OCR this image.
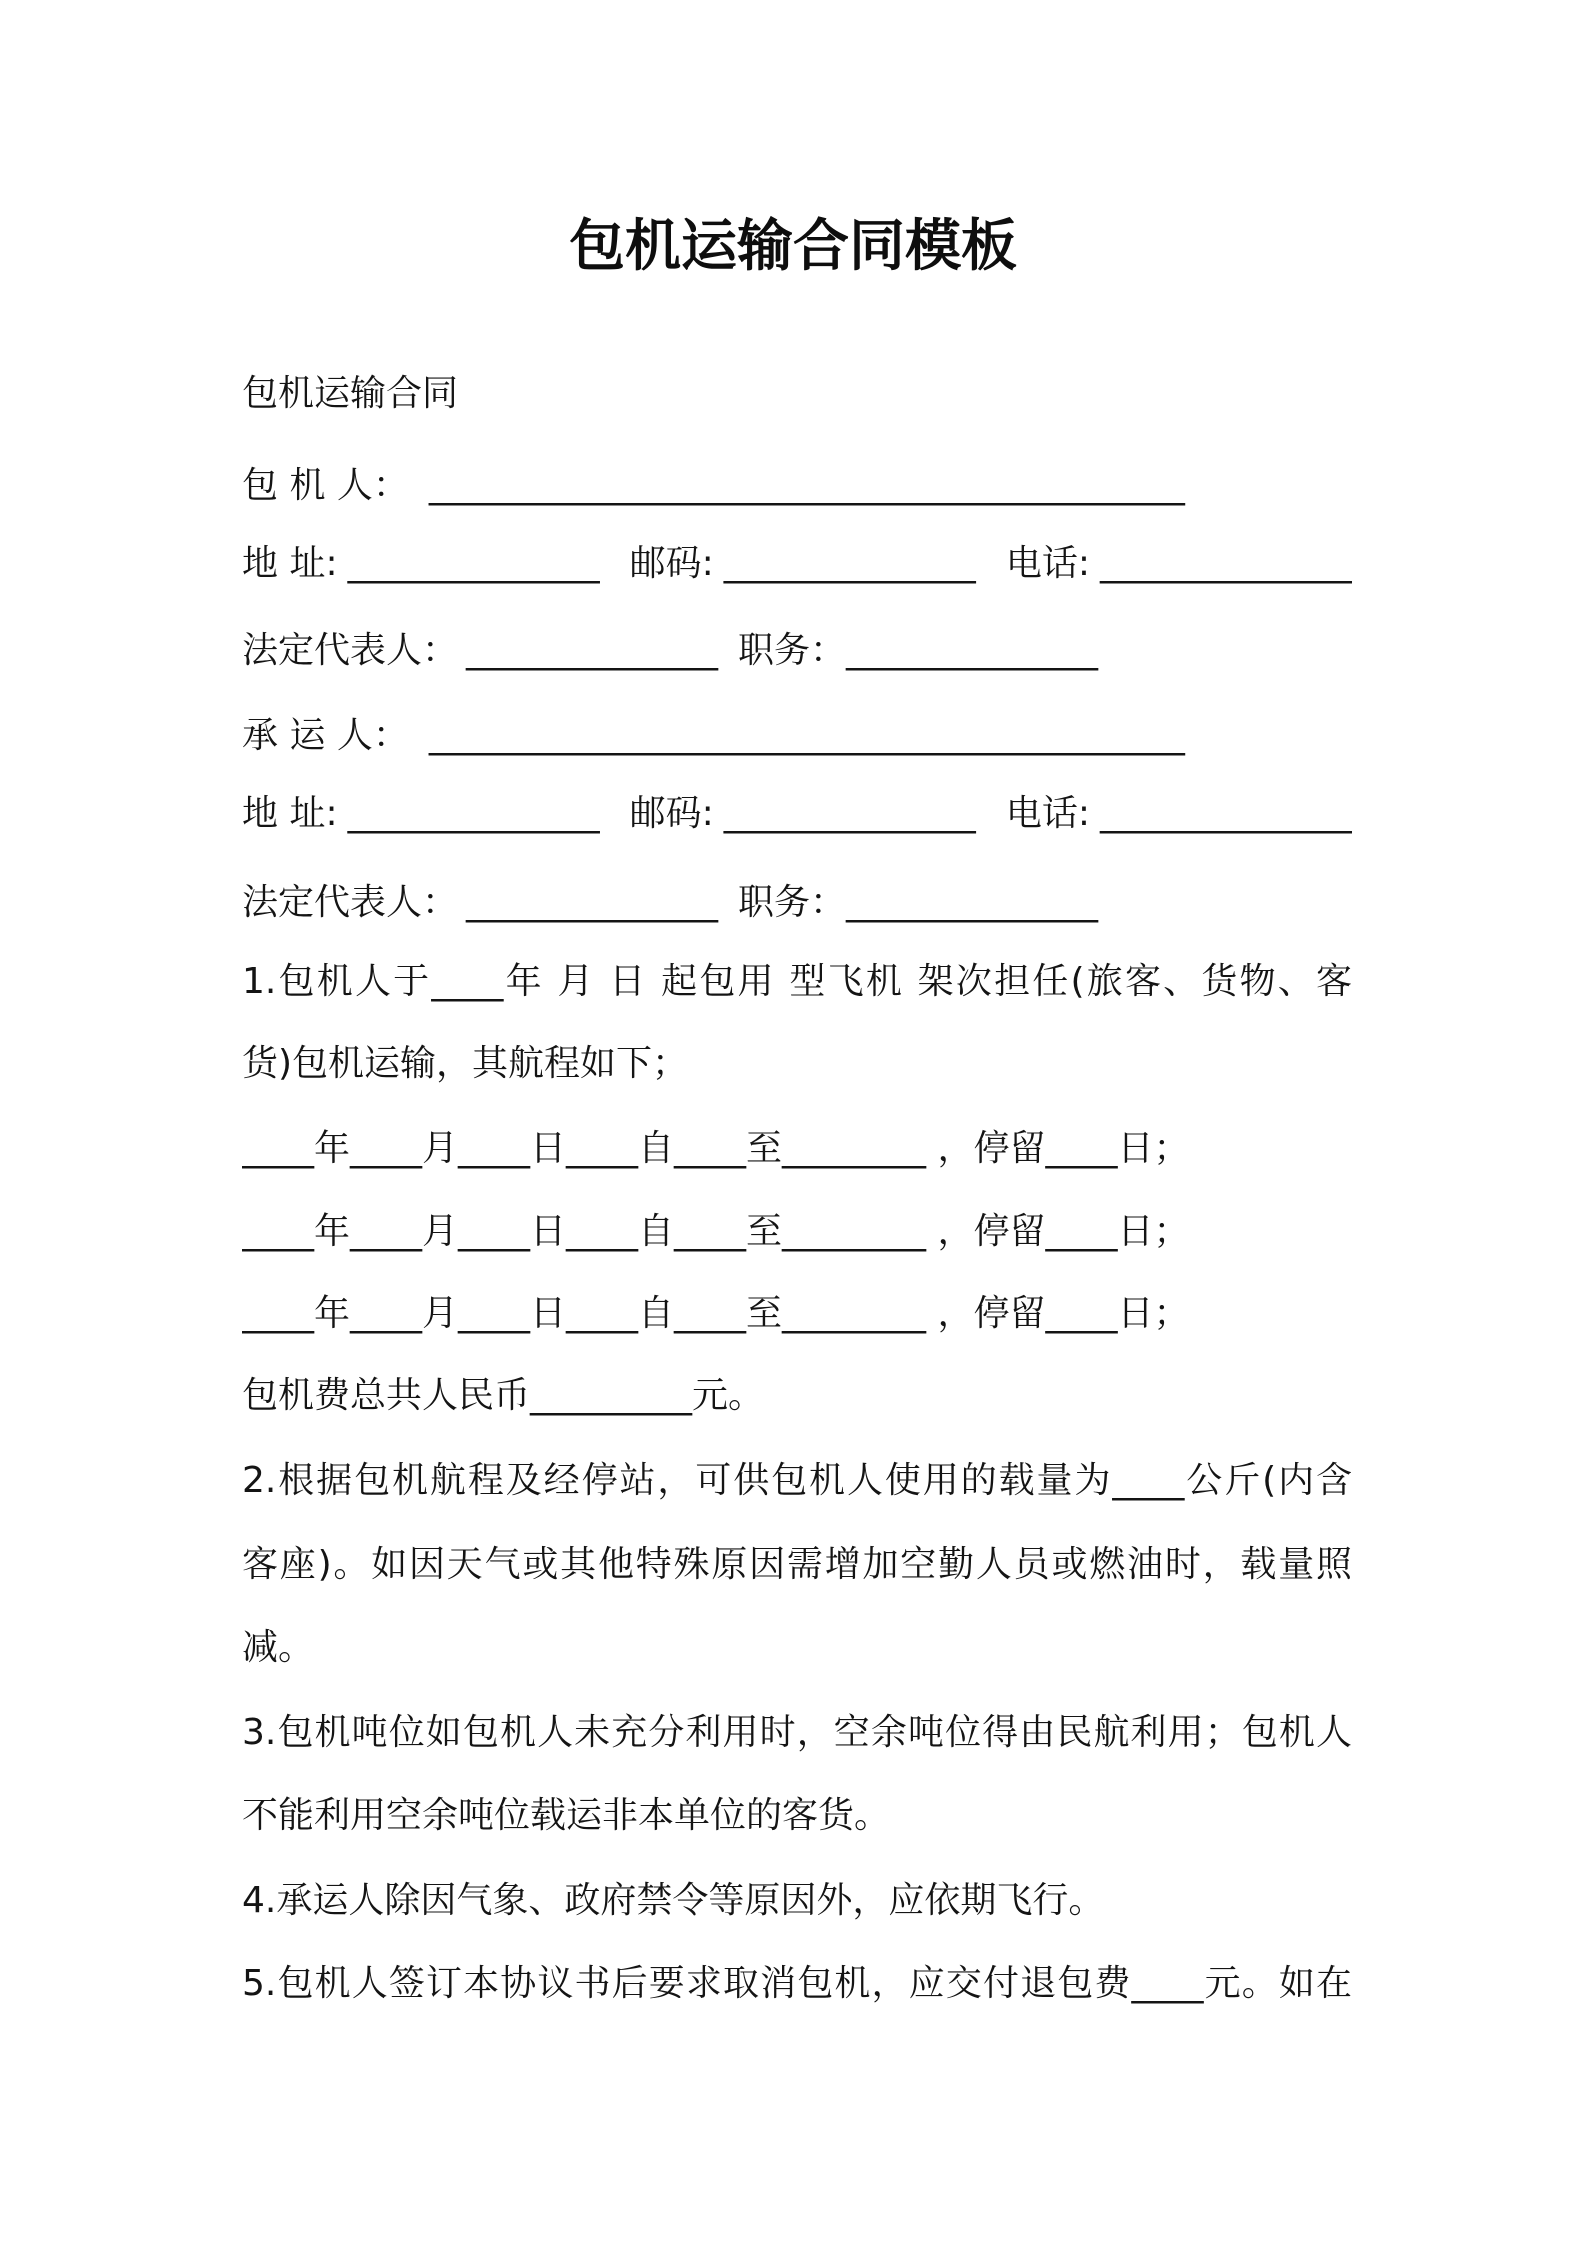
包机运输合同模板
包机运输合同
包 机 人： __________________________________________
地 址: ______________ 邮码: ______________ 电话: ______________
法定代表人： ______________ 职务： ______________
承 运 人： __________________________________________
地 址: ______________ 邮码: ______________ 电话: ______________
法定代表人： ______________ 职务： ______________
1.包机人于____年 月 日 起包用 型飞机 架次担任(旅客、货物、客
货)包机运输，其航程如下；
____年____月____日____自____至________ ，停留____日；
____年____月____日____自____至________ ，停留____日；
____年____月____日____自____至________ ，停留____日；
包机费总共人民币_________元。
2.根据包机航程及经停站，可供包机人使用的载量为____公斤(内含
客座)。如因天气或其他特殊原因需增加空勤人员或燃油时，载量照
减。
3.包机吨位如包机人未充分利用时，空余吨位得由民航利用；包机人
不能利用空余吨位载运非本单位的客货。
4.承运人除因气象、政府禁令等原因外，应依期飞行。
5.包机人签订本协议书后要求取消包机，应交付退包费____元。如在
